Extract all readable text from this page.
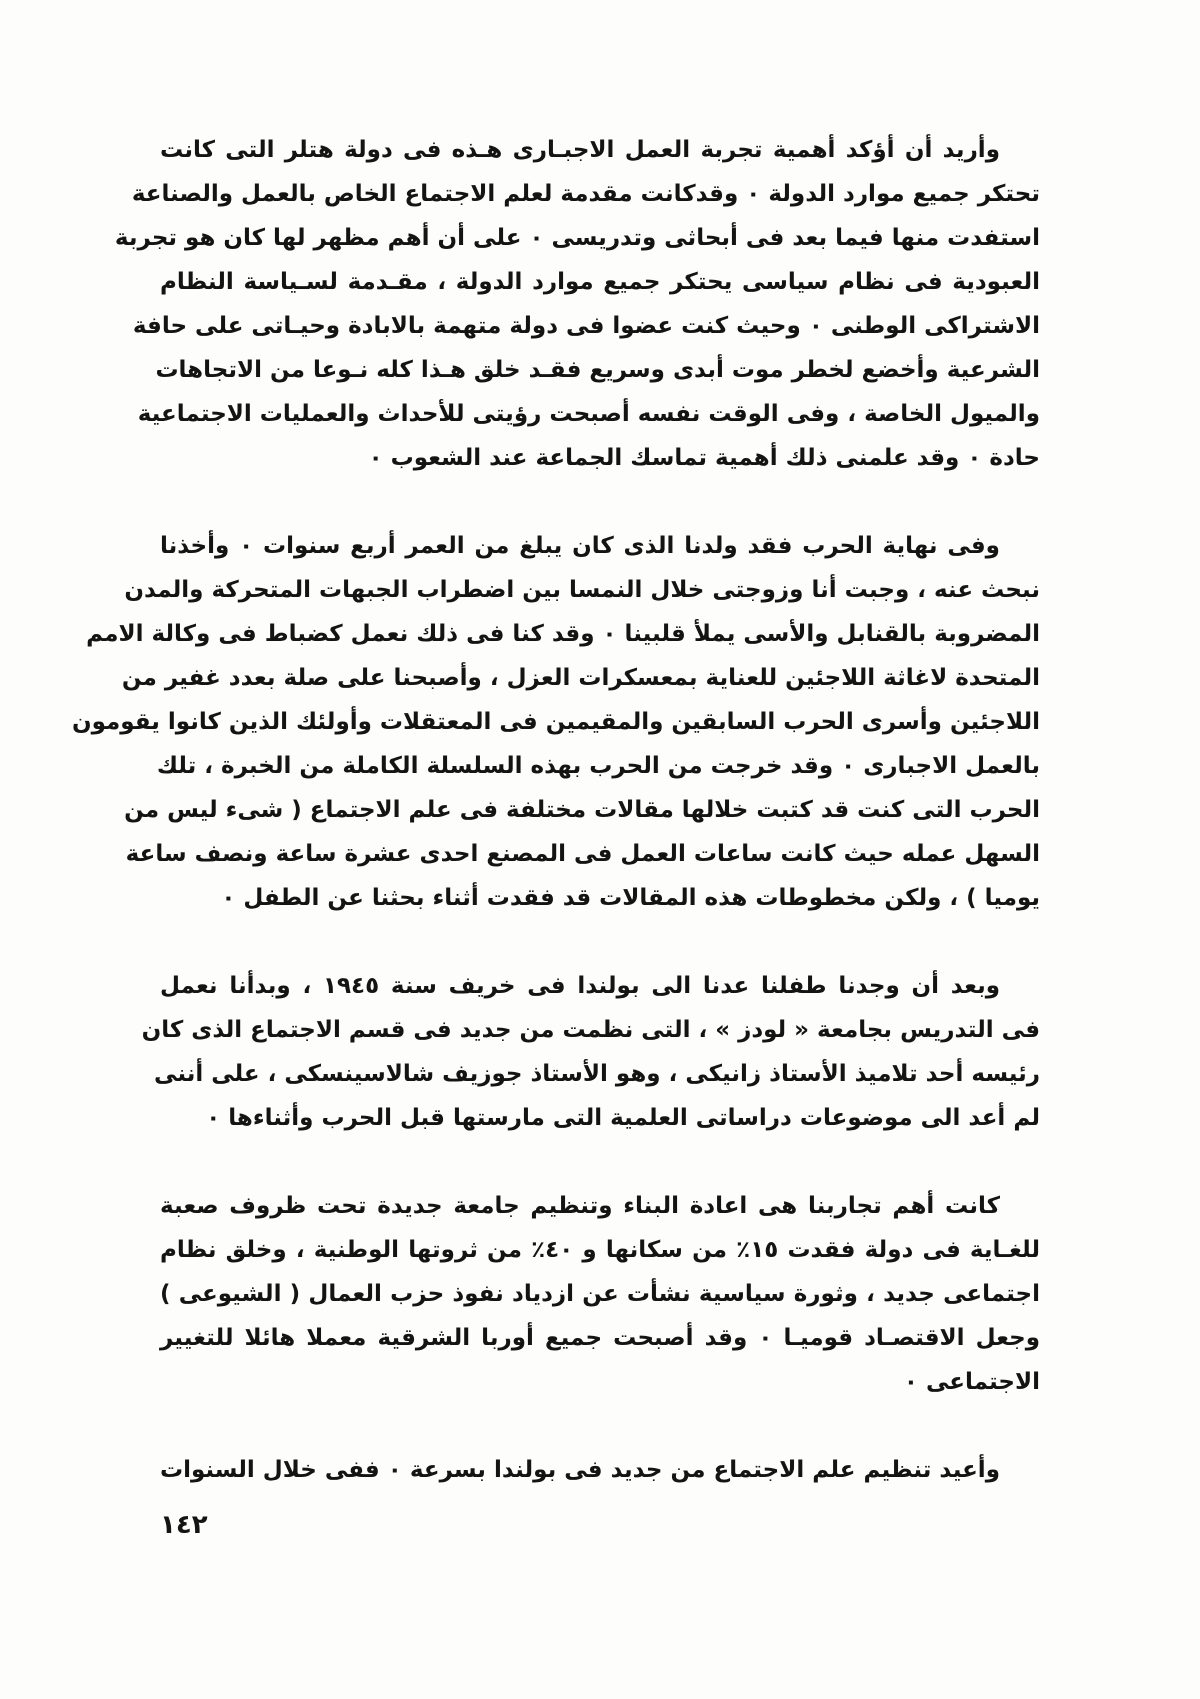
وأريد أن أؤكد أهمية تجربة العمل الاجبـارى هـذه فى دولة هتلر التى كانت
تحتكر جميع موارد الدولة ٠ وقدكانت مقدمة لعلم الاجتماع الخاص بالعمل والصناعة
استفدت منها فيما بعد فى أبحاثى وتدريسى ٠ على أن أهم مظهر لها كان هو تجربة
العبودية فى نظام سياسى يحتكر جميع موارد الدولة ، مقـدمة لسـياسة النظام
الاشتراكى الوطنى ٠ وحيث كنت عضوا فى دولة متهمة بالابادة وحيـاتى على حافة
الشرعية وأخضع لخطر موت أبدى وسريع فقـد خلق هـذا كله نـوعا من الاتجاهات
والميول الخاصة ، وفى الوقت نفسه أصبحت رؤيتى للأحداث والعمليات الاجتماعية
حادة ٠ وقد علمنى ذلك أهمية تماسك الجماعة عند الشعوب ٠
وفى نهاية الحرب فقد ولدنا الذى كان يبلغ من العمر أربع سنوات ٠ وأخذنا
نبحث عنه ، وجبت أنا وزوجتى خلال النمسا بين اضطراب الجبهات المتحركة والمدن
المضروبة بالقنابل والأسى يملأ قلبينا ٠ وقد كنا فى ذلك نعمل كضباط فى وكالة الامم
المتحدة لاغاثة اللاجئين للعناية بمعسكرات العزل ، وأصبحنا على صلة بعدد غفير من
اللاجئين وأسرى الحرب السابقين والمقيمين فى المعتقلات وأولئك الذين كانوا يقومون
بالعمل الاجبارى ٠ وقد خرجت من الحرب بهذه السلسلة الكاملة من الخبرة ، تلك
الحرب التى كنت قد كتبت خلالها مقالات مختلفة فى علم الاجتماع ( شىء ليس من
السهل عمله حيث كانت ساعات العمل فى المصنع احدى عشرة ساعة ونصف ساعة
يوميا ) ، ولكن مخطوطات هذه المقالات قد فقدت أثناء بحثنا عن الطفل ٠
وبعد أن وجدنا طفلنا عدنا الى بولندا فى خريف سنة ١٩٤٥ ، وبدأنا نعمل
فى التدريس بجامعة « لودز » ، التى نظمت من جديد فى قسم الاجتماع الذى كان
رئيسه أحد تلاميذ الأستاذ زانيكى ، وهو الأستاذ جوزيف شالاسينسكى ، على أننى
لم أعد الى موضوعات دراساتى العلمية التى مارستها قبل الحرب وأثناءها ٠
كانت أهم تجاربنا هى اعادة البناء وتنظيم جامعة جديدة تحت ظروف صعبة
للغـاية فى دولة فقدت ١٥٪ من سكانها و ٤٠٪ من ثروتها الوطنية ، وخلق نظام
اجتماعى جديد ، وثورة سياسية نشأت عن ازدياد نفوذ حزب العمال ( الشيوعى )
وجعل الاقتصـاد قوميـا ٠ وقد أصبحت جميع أوربا الشرقية معملا هائلا للتغيير
الاجتماعى ٠
وأعيد تنظيم علم الاجتماع من جديد فى بولندا بسرعة ٠ ففى خلال السنوات
١٤٢
